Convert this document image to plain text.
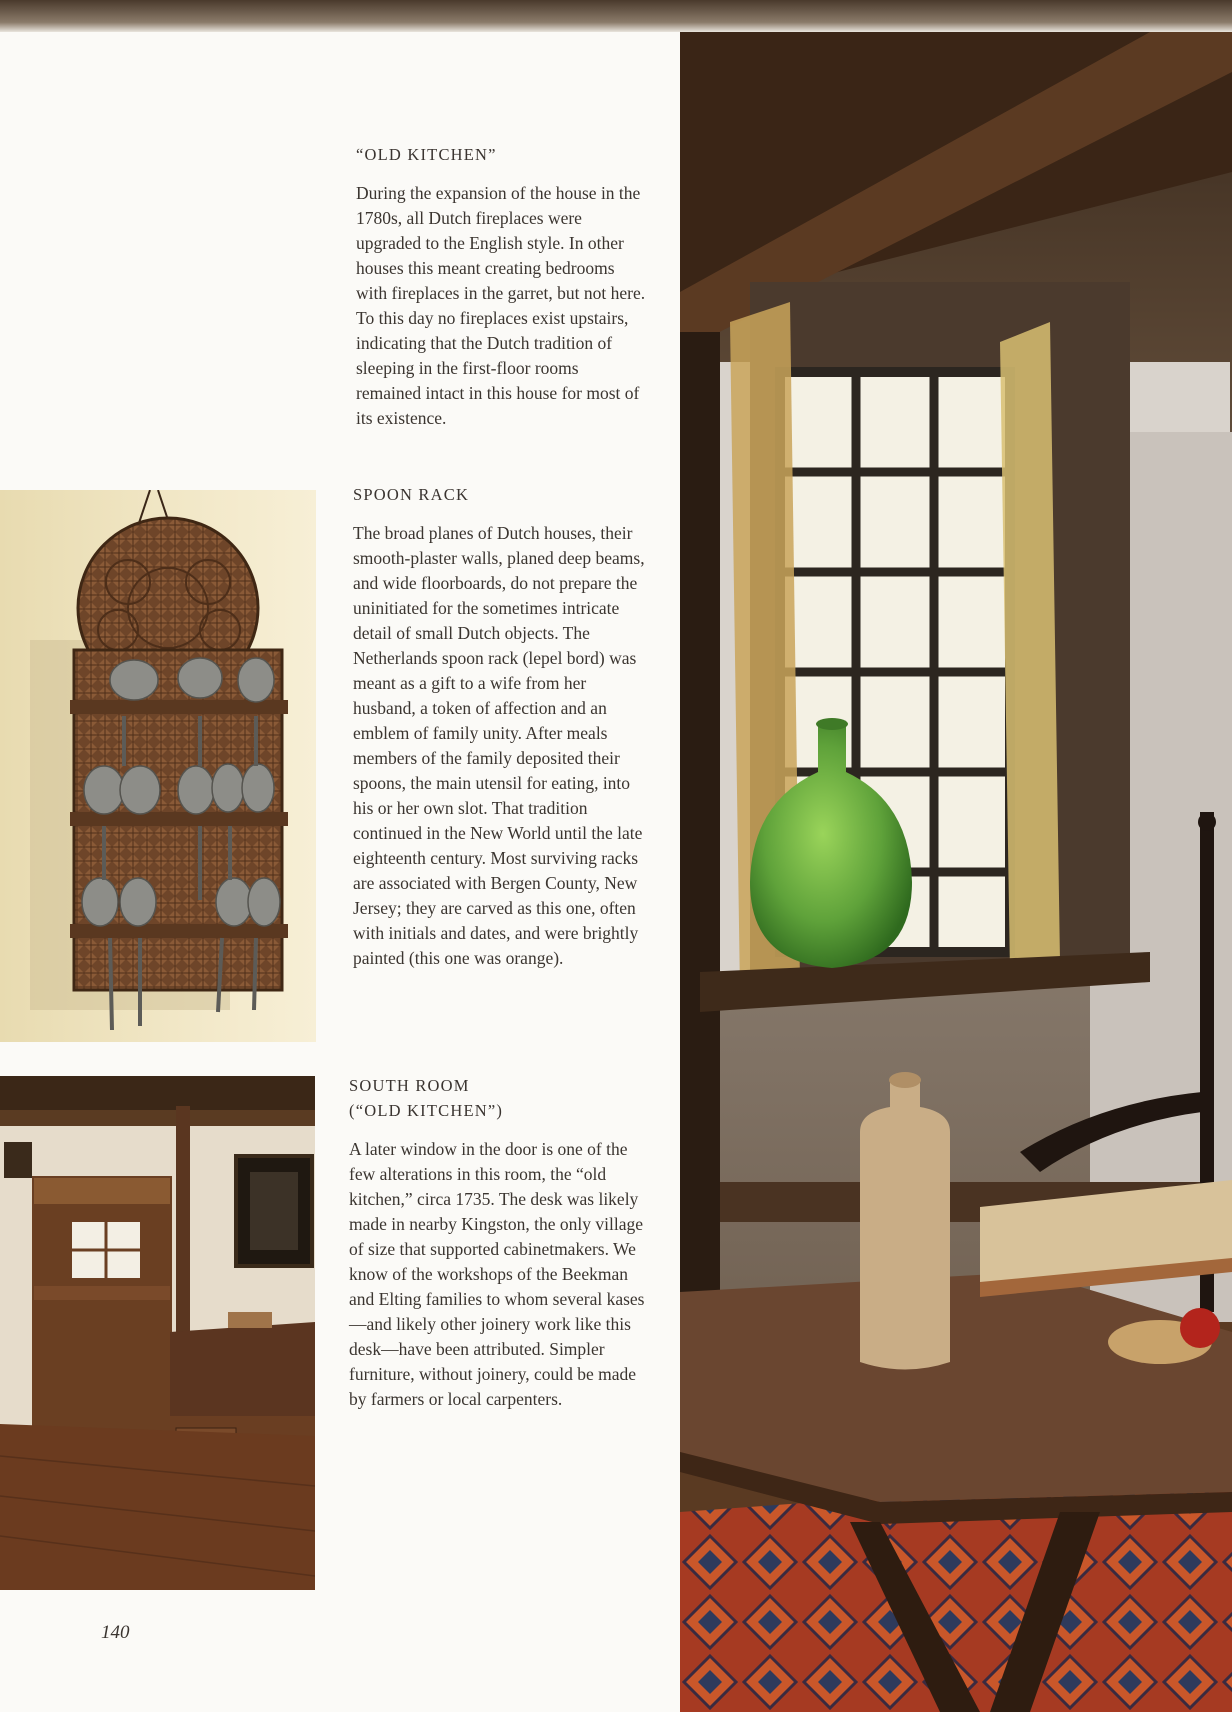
“OLD KITCHEN”

During the expansion of the house in the 1780s, all Dutch fireplaces were upgraded to the English style. In other houses this meant creating bedrooms with fireplaces in the garret, but not here. To this day no fireplaces exist upstairs, indicating that the Dutch tradition of sleeping in the first-floor rooms remained intact in this house for most of its existence.

SPOON RACK

The broad planes of Dutch houses, their smooth-plaster walls, planed deep beams, and wide floorboards, do not prepare the uninitiated for the sometimes intricate detail of small Dutch objects. The Netherlands spoon rack (lepel bord) was meant as a gift to a wife from her husband, a token of affection and an emblem of family unity. After meals members of the family deposited their spoons, the main utensil for eating, into his or her own slot. That tradition continued in the New World until the late eighteenth century. Most surviving racks are associated with Bergen County, New Jersey; they are carved as this one, often with initials and dates, and were brightly painted (this one was orange).

SOUTH ROOM
(“OLD KITCHEN”)

A later window in the door is one of the few alterations in this room, the “old kitchen,” circa 1735. The desk was likely made in nearby Kingston, the only village of size that supported cabinetmakers. We know of the workshops of the Beekman and Elting families to whom several kases—and likely other joinery work like this desk—have been attributed. Simpler furniture, without joinery, could be made by farmers or local carpenters.

140
